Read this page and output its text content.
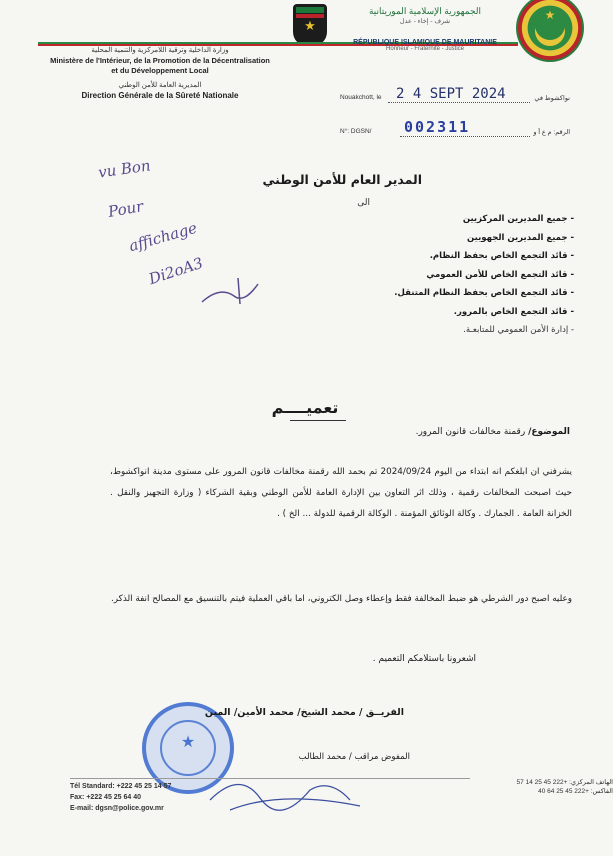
وزارة الداخلية وترقية اللامركزية والتنمية المحلية
Ministère de l'Intérieur, de la Promotion de la Décentralisation
et du Développement Local
المديرية العامة للأمن الوطني
Direction Générale de la Sûreté Nationale
★
الجمهورية الإسلامية الموريتانية
شرف - إخاء - عدل
RÉPUBLIQUE ISLAMIQUE DE MAURITANIE
Honneur - Fraternité - Justice
★
Nouakchott, le 2 4 SEPT 2024	نواكشوط في
N°: DGSN/ 002311	الرقم: م ع أ و
vu Bon
Pour
affichage
Di2oA3
المدير العام للأمن الوطني
الى
- جميع المديرين المركزيين
- جميع المديرين الجهويين
- قائد التجمع الخاص بحفظ النظام.
- قائد التجمع الخاص للأمن العمومي
- قائد التجمع الخاص بحفظ النظام المتنقل.
- قائد التجمع الخاص بالمرور.
- إدارة الأمن العمومي للمتابعـة.
تعميــــم
الموضوع/ رقمنة مخالفات قانون المرور.

يشرفني ان ابلغكم انه ابتداء من اليوم 2024/09/24 تم بحمد الله رقمنة مخالفات قانون المرور على مستوى مدينة انواكشوط، حيث اصبحت المخالفات رقمية ، وذلك اثر التعاون بين الإدارة العامة للأمن الوطني وبقية الشركاء ( وزارة التجهيز والنقل . الخزانة العامة . الجمارك . وكالة الوثائق المؤمنة . الوكالة الرقمية للدولة ... الخ ) .

وعليه اصبح دور الشرطي هو ضبط المخالفة فقط وإعطاء وصل الكتروني، اما باقي العملية فيتم بالتنسيق مع المصالح انفة الذكر.

اشعرونا باستلامكم التعميم .
★
الفريــق / محمد الشيخ/ محمد الأمين/ المين
المفوض مراقب / محمد الطالب
Tél Standard: +222 45 25 14 57
Fax: +222 45 25 64 40
E-mail: dgsn@police.gov.mr
الهاتف المركزي: +222 45 25 14 57
الفاكس: +222 45 25 64 40
